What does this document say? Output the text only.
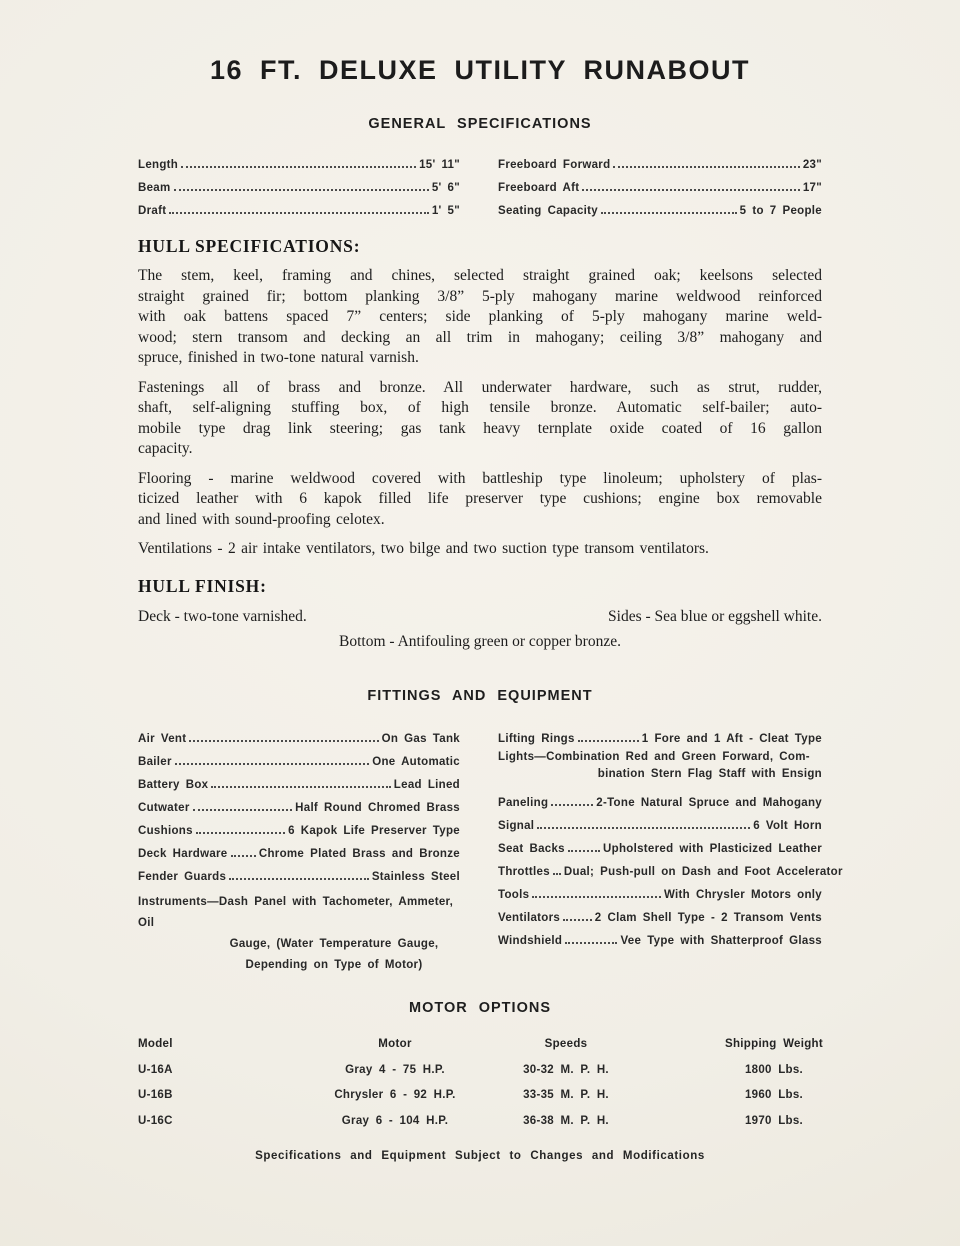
16 FT. DELUXE UTILITY RUNABOUT
GENERAL SPECIFICATIONS
Length	15' 11"
Beam	5' 6"
Draft	1' 5"
Freeboard Forward	23"
Freeboard Aft	17"
Seating Capacity	5 to 7 People
HULL SPECIFICATIONS:
The stem, keel, framing and chines, selected straight grained oak; keelsons selected
straight grained fir; bottom planking 3/8” 5-ply mahogany marine weldwood reinforced
with oak battens spaced 7” centers; side planking of 5-ply mahogany marine weld-
wood; stern transom and decking an all trim in mahogany; ceiling 3/8” mahogany and
spruce, finished in two-tone natural varnish.
Fastenings all of brass and bronze. All underwater hardware, such as strut, rudder,
shaft, self-aligning stuffing box, of high tensile bronze. Automatic self-bailer; auto-
mobile type drag link steering; gas tank heavy ternplate oxide coated of 16 gallon
capacity.
Flooring - marine weldwood covered with battleship type linoleum; upholstery of plas-
ticized leather with 6 kapok filled life preserver type cushions; engine box removable
and lined with sound-proofing celotex.
Ventilations - 2 air intake ventilators, two bilge and two suction type transom ventilators.
HULL FINISH:
Deck - two-tone varnished.	Sides - Sea blue or eggshell white.
Bottom - Antifouling green or copper bronze.
FITTINGS AND EQUIPMENT
Air Vent	On Gas Tank
Bailer	One Automatic
Battery Box	Lead Lined
Cutwater	Half Round Chromed Brass
Cushions	6 Kapok Life Preserver Type
Deck Hardware	Chrome Plated Brass and Bronze
Fender Guards	Stainless Steel
Instruments—Dash Panel with Tachometer, Ammeter, Oil
Gauge, (Water Temperature Gauge,
Depending on Type of Motor)
Lifting Rings	1 Fore and 1 Aft - Cleat Type
Lights—Combination Red and Green Forward, Com-
bination Stern Flag Staff with Ensign
Paneling	2-Tone Natural Spruce and Mahogany
Signal	6 Volt Horn
Seat Backs	Upholstered with Plasticized Leather
Throttles Dual; Push-pull on Dash and Foot Accelerator
Tools	With Chrysler Motors only
Ventilators	2 Clam Shell Type - 2 Transom Vents
Windshield	Vee Type with Shatterproof Glass
MOTOR OPTIONS
Model	Motor	Speeds	Shipping Weight
U-16A	Gray 4 - 75 H.P.	30-32 M. P. H.	1800 Lbs.
U-16B	Chrysler 6 - 92 H.P.	33-35 M. P. H.	1960 Lbs.
U-16C	Gray 6 - 104 H.P.	36-38 M. P. H.	1970 Lbs.
Specifications and Equipment Subject to Changes and Modifications
